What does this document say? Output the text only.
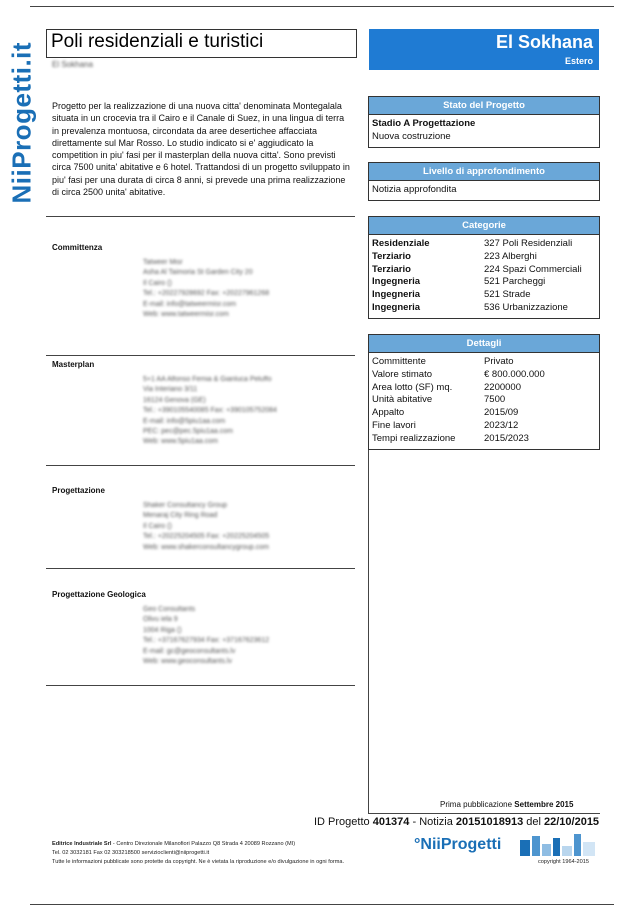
NiiProgetti.it
Poli residenziali e turistici
El Sokhana
El Sokhana
Estero
Progetto per la realizzazione di una nuova citta' denominata Montegalala situata in un crocevia tra il Cairo e il Canale di Suez, in una lingua di terra in prevalenza montuosa, circondata da aree desertichee affacciata direttamente sul Mar Rosso. Lo studio indicato si e' aggiudicato la competition in piu' fasi per il masterplan della nuova citta'. Sono previsti circa 7500 unita' abitative e 6 hotel. Trattandosi di un progetto sviluppato in piu' fasi per una durata di circa 8 anni, si prevede una prima realizzazione di circa 2500 unita' abitative.
Committenza
Tatweer Misr
Asha Al Taimoria St Garden City 20
Il Cairo ()
Tel.: +20227928692 Fax: +20227961268
E-mail: info@tatweermisr.com
Web: www.tatweermisr.com
Masterplan
5+1 AA Alfonso Femia & Gianluca Peluffo
Via Interiano 3/11
16124 Genova (GE)
Tel.: +390105540085 Fax: +390105752084
E-mail: info@5piu1aa.com
PEC: pec@pec.5piu1aa.com
Web: www.5piu1aa.com
Progettazione
Shaker Consultancy Group
Menaraj City Ring Road
Il Cairo ()
Tel.: +20225204505 Fax: +20225204505
Web: www.shakerconsultancygroup.com
Progettazione Geologica
Geo Consultants
Olivu iela 9
1004 Riga ()
Tel.: +37167627934 Fax: +37167623612
E-mail: gc@geoconsultants.lv
Web: www.geoconsultants.lv
Stato del Progetto
Stadio A Progettazione
Nuova costruzione
Livello di approfondimento
Notizia approfondita
Categorie
Residenziale	327 Poli Residenziali
Terziario	223 Alberghi
Terziario	224 Spazi Commerciali
Ingegneria	521 Parcheggi
Ingegneria	521 Strade
Ingegneria	536 Urbanizzazione
Dettagli
Committente	Privato
Valore stimato	€ 800.000.000
Area lotto (SF) mq.	2200000
Unità abitative	7500
Appalto	2015/09
Fine lavori	2023/12
Tempi realizzazione	2015/2023
Prima pubblicazione Settembre 2015
ID Progetto 401374 - Notizia 20151018913 del 22/10/2015
Editrice Industriale Srl - Centro Direzionale Milanofiori Palazzo Q8 Strada 4 20089 Rozzano (MI)
Tel. 02 3032181 Fax 02 303218500 servizioclienti@niiprogetti.it
Tutte le informazioni pubblicate sono protette da copyright. Ne è vietata la riproduzione e/o divulgazione in ogni forma.
°NiiProgetti
copyright 1964-2015
